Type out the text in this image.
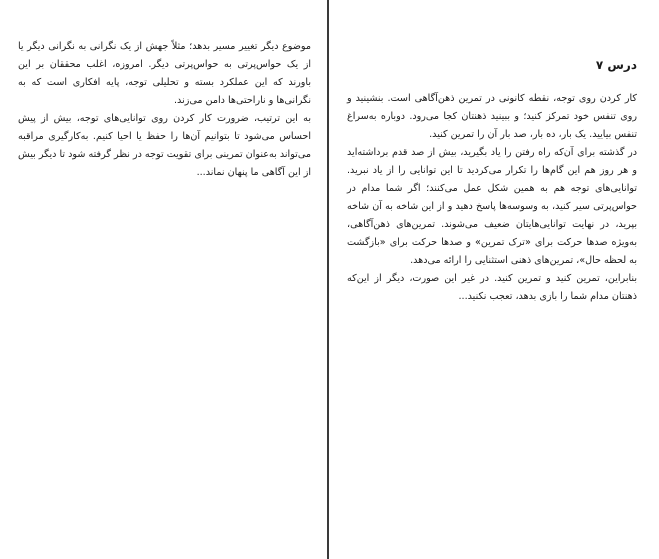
موضوع دیگر تغییر مسیر بدهد؛ مثلاً جهش از یک نگرانی به نگرانی دیگر یا از یک حواس‌پرتی به حواس‌پرتی دیگر. امروزه، اغلب محققان بر این باورند که این عملکرد بسته و تحلیلی توجه، پایه افکاری است که به نگرانی‌ها و ناراحتی‌ها دامن می‌زند.

به این ترتیب، ضرورت کار کردن روی توانایی‌های توجه، بیش از پیش احساس می‌شود تا بتوانیم آن‌ها را حفظ یا احیا کنیم. به‌کارگیری مراقبه می‌تواند به‌عنوان تمرینی برای تقویت توجه در نظر گرفته شود تا دیگر بیش از این آگاهی ما پنهان نماند...

درس ۷

کار کردن روی توجه، نقطه کانونی در تمرین ذهن‌آگاهی است. بنشینید و روی تنفس خود تمرکز کنید؛ و ببینید ذهنتان کجا می‌رود. دوباره به‌سراغ تنفس بیایید. یک بار، ده بار، صد بار آن را تمرین کنید.

در گذشته برای آن‌که راه رفتن را یاد بگیرید، بیش از صد قدم برداشته‌اید و هر روز هم این گام‌ها را تکرار می‌کردید تا این توانایی را از یاد نبرید. توانایی‌های توجه هم به همین شکل عمل می‌کنند؛ اگر شما مدام در حواس‌پرتی سیر کنید، به وسوسه‌ها پاسخ دهید و از این شاخه به آن شاخه بپرید، در نهایت توانایی‌هایتان ضعیف می‌شوند. تمرین‌های ذهن‌آگاهی، به‌ویژه صدها حرکت برای «ترک تمرین» و صدها حرکت برای «بازگشت به لحظه حال»، تمرین‌های ذهنی استثنایی را ارائه می‌دهد.

بنابراین، تمرین کنید و تمرین کنید. در غیر این صورت، دیگر از این‌که ذهنتان مدام شما را بازی بدهد، تعجب نکنید...
